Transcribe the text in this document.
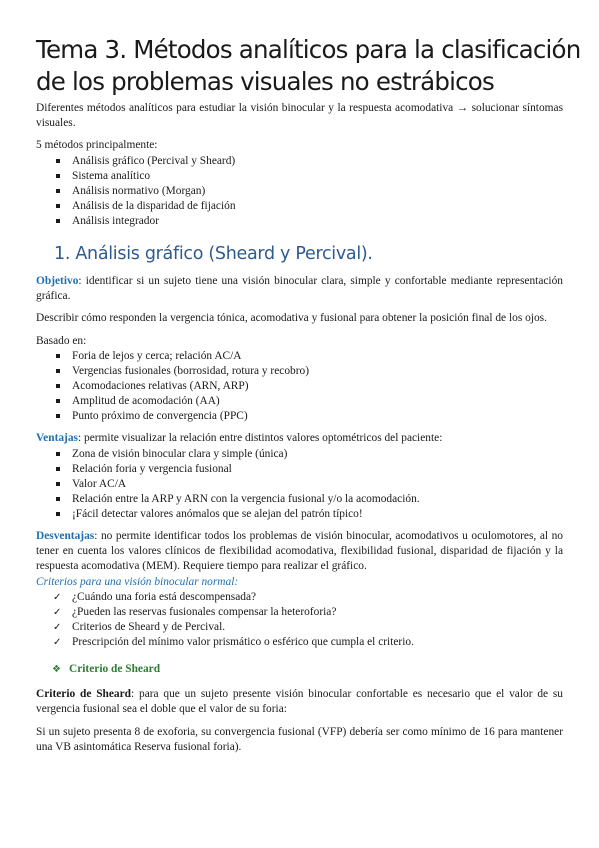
Tema 3. Métodos analíticos para la clasificación
de los problemas visuales no estrábicos

Diferentes métodos analíticos para estudiar la visión binocular y la respuesta acomodativa → solucionar síntomas visuales.

5 métodos principalmente:

Análisis gráfico (Percival y Sheard)
Sistema analítico
Análisis normativo (Morgan)
Análisis de la disparidad de fijación
Análisis integrador
1. Análisis gráfico (Sheard y Percival).

Objetivo: identificar si un sujeto tiene una visión binocular clara, simple y confortable mediante representación gráfica.

Describir cómo responden la vergencia tónica, acomodativa y fusional para obtener la posición final de los ojos.

Basado en:

Foria de lejos y cerca; relación AC/A
Vergencias fusionales (borrosidad, rotura y recobro)
Acomodaciones relativas (ARN, ARP)
Amplitud de acomodación (AA)
Punto próximo de convergencia (PPC)

Ventajas: permite visualizar la relación entre distintos valores optométricos del paciente:

Zona de visión binocular clara y simple (única)
Relación foria y vergencia fusional
Valor AC/A
Relación entre la ARP y ARN con la vergencia fusional y/o la acomodación.
¡Fácil detectar valores anómalos que se alejan del patrón típico!

Desventajas: no permite identificar todos los problemas de visión binocular, acomodativos u oculomotores, al no tener en cuenta los valores clínicos de flexibilidad acomodativa, flexibilidad fusional, disparidad de fijación y la respuesta acomodativa (MEM). Requiere tiempo para realizar el gráfico.

Criterios para una visión binocular normal:

✓ ¿Cuándo una foria está descompensada?
✓ ¿Pueden las reservas fusionales compensar la heteroforia?
✓ Criterios de Sheard y de Percival.
✓ Prescripción del mínimo valor prismático o esférico que cumpla el criterio.
❖ Criterio de Sheard

Criterio de Sheard: para que un sujeto presente visión binocular confortable es necesario que el valor de su vergencia fusional sea el doble que el valor de su foria:

Si un sujeto presenta 8 de exoforia, su convergencia fusional (VFP) debería ser como mínimo de 16 para mantener una VB asintomática Reserva fusional foria).
